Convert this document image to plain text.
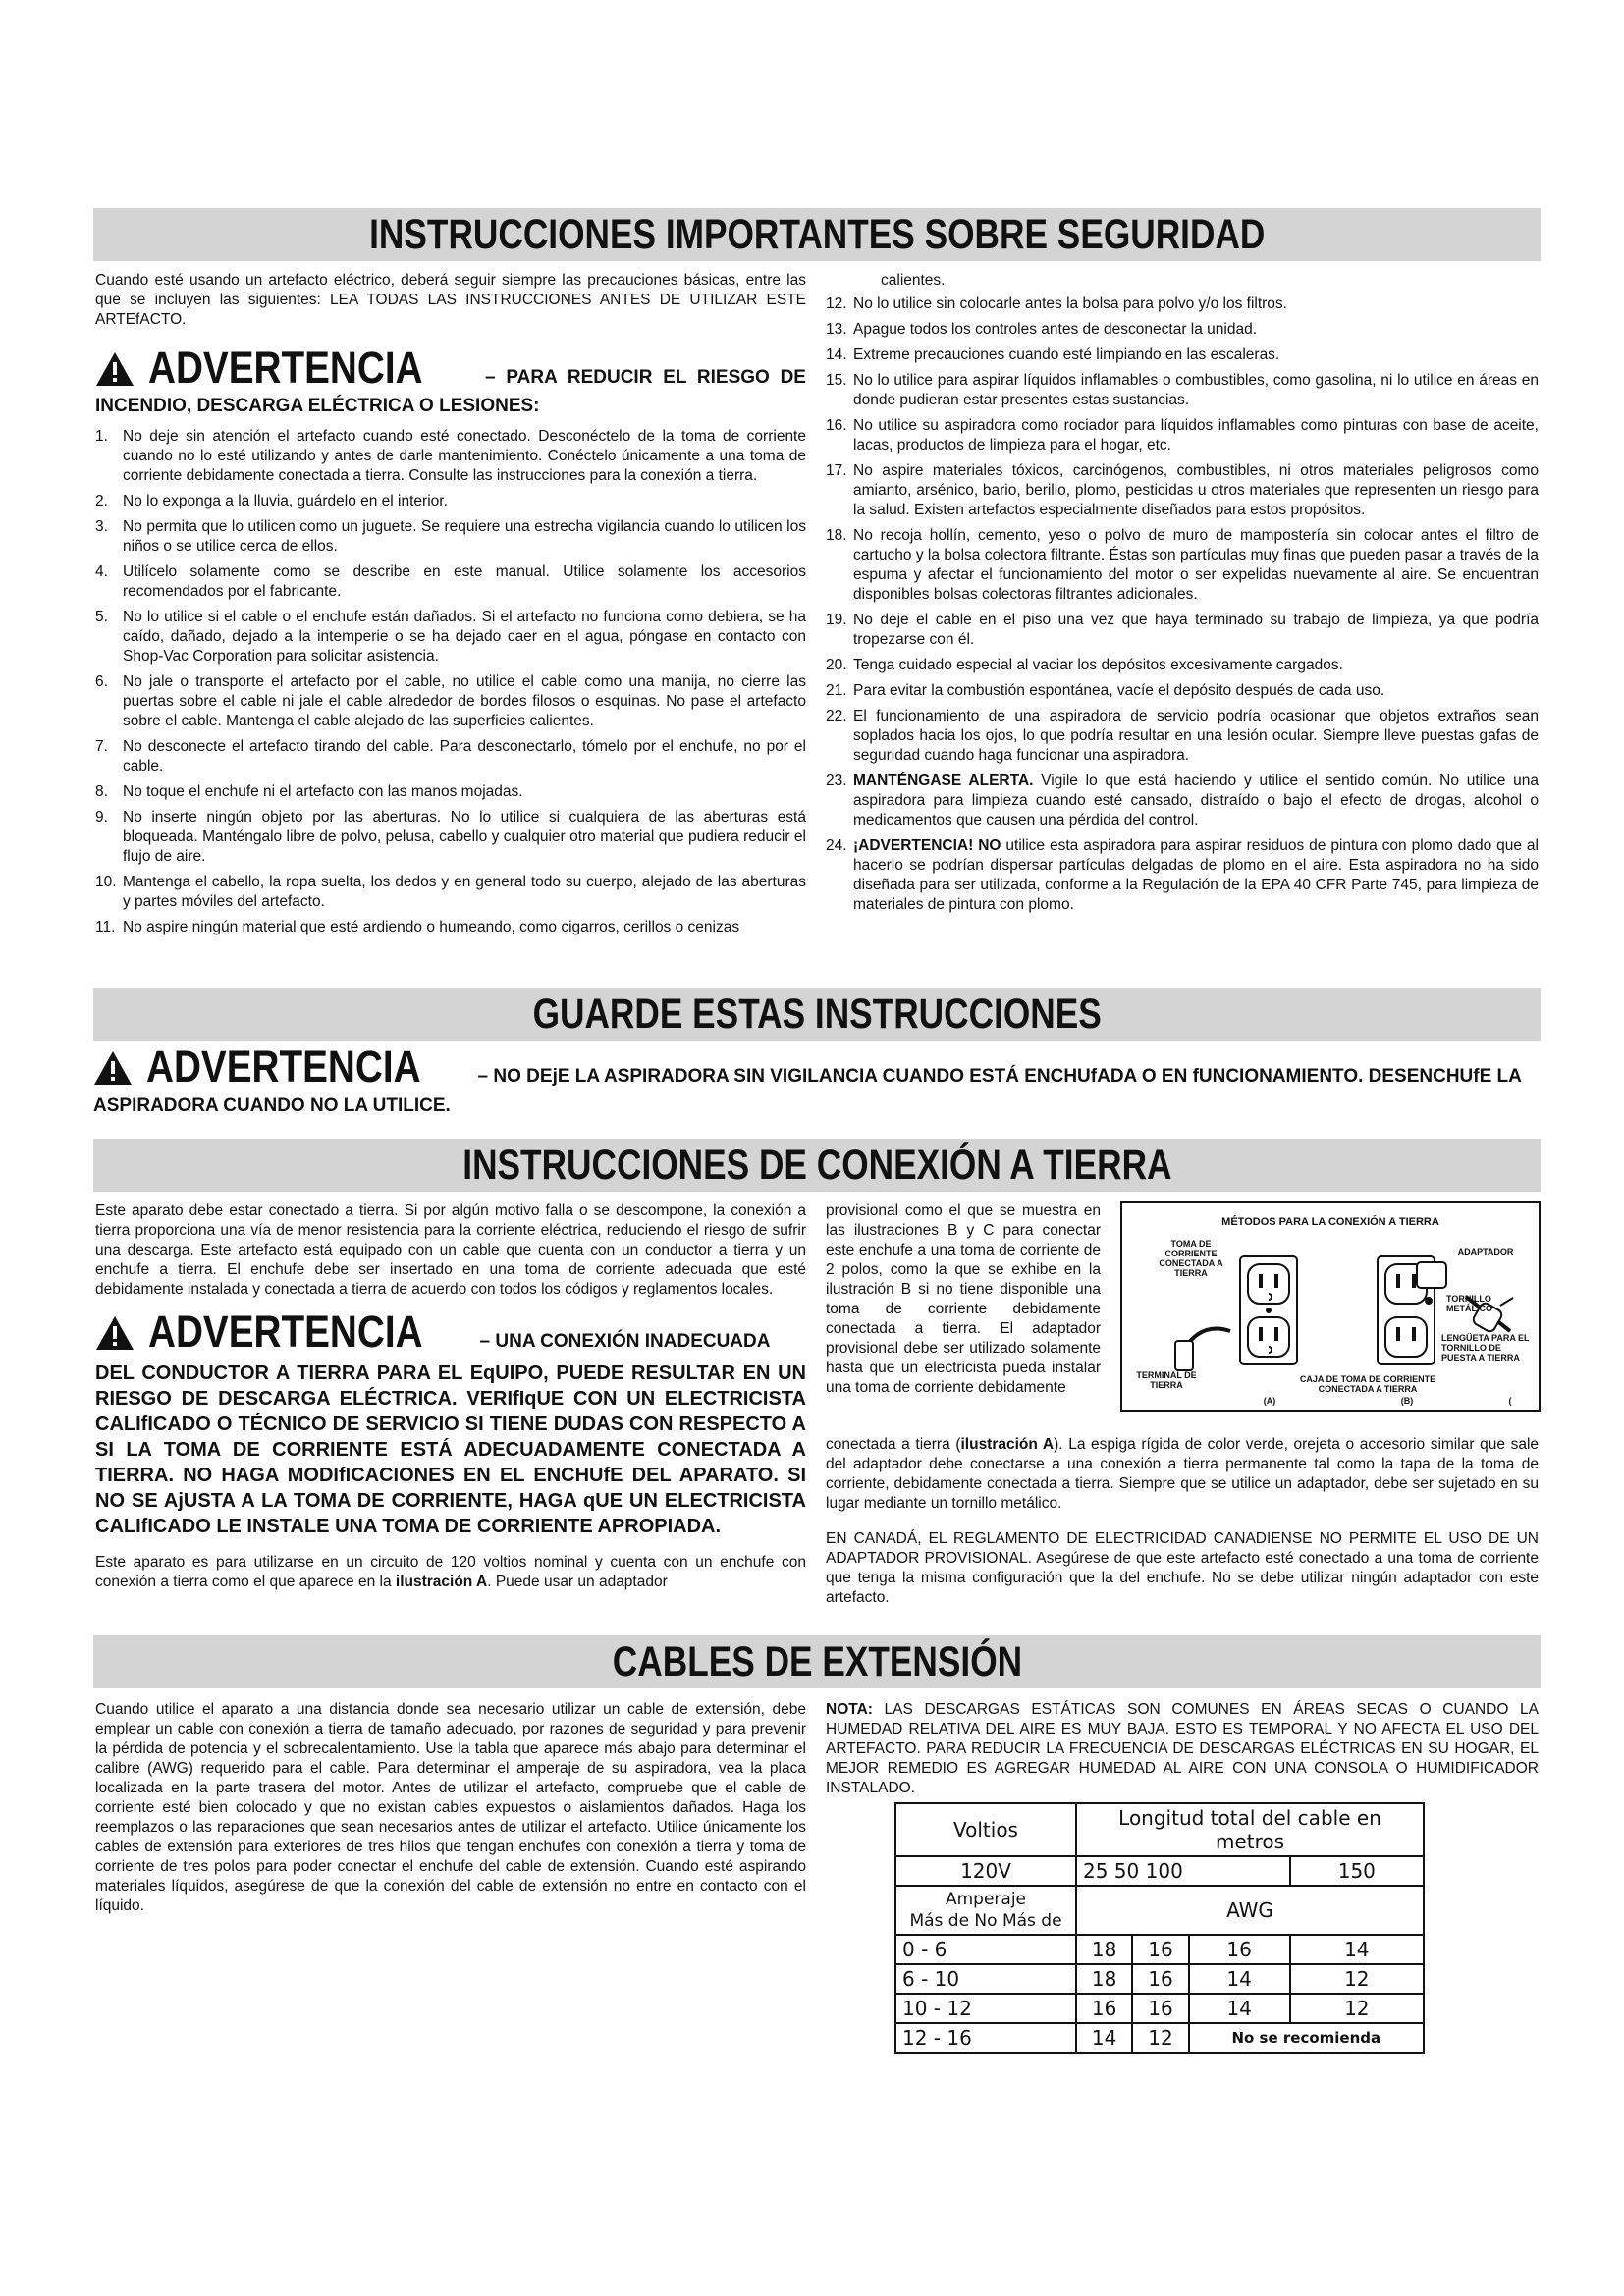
INSTRUCCIONES IMPORTANTES SOBRE SEGURIDAD

Cuando esté usando un artefacto eléctrico, deberá seguir siempre las precauciones básicas, entre las que se incluyen las siguientes: LEA TODAS LAS INSTRUCCIONES ANTES DE UTILIZAR ESTE ARTEfACTO.

ADVERTENCIA	– PARA REDUCIR EL RIESGO DE INCENDIO, DESCARGA ELÉCTRICA O LESIONES:
1. No deje sin atención el artefacto cuando esté conectado. Desconéctelo de la toma de corriente cuando no lo esté utilizando y antes de darle mantenimiento. Conéctelo únicamente a una toma de corriente debidamente conectada a tierra. Consulte las instrucciones para la conexión a tierra.
2. No lo exponga a la lluvia, guárdelo en el interior.
3. No permita que lo utilicen como un juguete. Se requiere una estrecha vigilancia cuando lo utilicen los niños o se utilice cerca de ellos.
4. Utilícelo solamente como se describe en este manual. Utilice solamente los accesorios recomendados por el fabricante.
5. No lo utilice si el cable o el enchufe están dañados. Si el artefacto no funciona como debiera, se ha caído, dañado, dejado a la intemperie o se ha dejado caer en el agua, póngase en contacto con Shop-Vac Corporation para solicitar asistencia.
6. No jale o transporte el artefacto por el cable, no utilice el cable como una manija, no cierre las puertas sobre el cable ni jale el cable alrededor de bordes filosos o esquinas. No pase el artefacto sobre el cable. Mantenga el cable alejado de las superficies calientes.
7. No desconecte el artefacto tirando del cable. Para desconectarlo, tómelo por el enchufe, no por el cable.
8. No toque el enchufe ni el artefacto con las manos mojadas.
9. No inserte ningún objeto por las aberturas. No lo utilice si cualquiera de las aberturas está bloqueada. Manténgalo libre de polvo, pelusa, cabello y cualquier otro material que pudiera reducir el flujo de aire.
10. Mantenga el cabello, la ropa suelta, los dedos y en general todo su cuerpo, alejado de las aberturas y partes móviles del artefacto.
11. No aspire ningún material que esté ardiendo o humeando, como cigarros, cerillos o cenizas

calientes.

12. No lo utilice sin colocarle antes la bolsa para polvo y/o los filtros.
13. Apague todos los controles antes de desconectar la unidad.
14. Extreme precauciones cuando esté limpiando en las escaleras.
15. No lo utilice para aspirar líquidos inflamables o combustibles, como gasolina, ni lo utilice en áreas en donde pudieran estar presentes estas sustancias.
16. No utilice su aspiradora como rociador para líquidos inflamables como pinturas con base de aceite, lacas, productos de limpieza para el hogar, etc.
17. No aspire materiales tóxicos, carcinógenos, combustibles, ni otros materiales peligrosos como amianto, arsénico, bario, berilio, plomo, pesticidas u otros materiales que representen un riesgo para la salud. Existen artefactos especialmente diseñados para estos propósitos.
18. No recoja hollín, cemento, yeso o polvo de muro de mampostería sin colocar antes el filtro de cartucho y la bolsa colectora filtrante. Éstas son partículas muy finas que pueden pasar a través de la espuma y afectar el funcionamiento del motor o ser expelidas nuevamente al aire. Se encuentran disponibles bolsas colectoras filtrantes adicionales.
19. No deje el cable en el piso una vez que haya terminado su trabajo de limpieza, ya que podría tropezarse con él.
20. Tenga cuidado especial al vaciar los depósitos excesivamente cargados.
21. Para evitar la combustión espontánea, vacíe el depósito después de cada uso.
22. El funcionamiento de una aspiradora de servicio podría ocasionar que objetos extraños sean soplados hacia los ojos, lo que podría resultar en una lesión ocular. Siempre lleve puestas gafas de seguridad cuando haga funcionar una aspiradora.
23. MANTÉNGASE ALERTA. Vigile lo que está haciendo y utilice el sentido común. No utilice una aspiradora para limpieza cuando esté cansado, distraído o bajo el efecto de drogas, alcohol o medicamentos que causen una pérdida del control.
24. ¡ADVERTENCIA! NO utilice esta aspiradora para aspirar residuos de pintura con plomo dado que al hacerlo se podrían dispersar partículas delgadas de plomo en el aire. Esta aspiradora no ha sido diseñada para ser utilizada, conforme a la Regulación de la EPA 40 CFR Parte 745, para limpieza de materiales de pintura con plomo.
GUARDE ESTAS INSTRUCCIONES
ADVERTENCIA	– NO DEjE LA ASPIRADORA SIN VIGILANCIA CUANDO ESTÁ ENCHUfADA O EN fUNCIONAMIENTO. DESENCHUfE LA ASPIRADORA CUANDO NO LA UTILICE.
INSTRUCCIONES DE CONEXIÓN A TIERRA

Este aparato debe estar conectado a tierra. Si por algún motivo falla o se descompone, la conexión a tierra proporciona una vía de menor resistencia para la corriente eléctrica, reduciendo el riesgo de sufrir una descarga. Este artefacto está equipado con un cable que cuenta con un conductor a tierra y un enchufe a tierra. El enchufe debe ser insertado en una toma de corriente adecuada que esté debidamente instalada y conectada a tierra de acuerdo con todos los códigos y reglamentos locales.

ADVERTENCIA	– UNA CONEXIÓN INADECUADA

DEL CONDUCTOR A TIERRA PARA EL EqUIPO, PUEDE RESULTAR EN UN RIESGO DE DESCARGA ELÉCTRICA. VERIfIqUE CON UN ELECTRICISTA CALIfICADO O TÉCNICO DE SERVICIO SI TIENE DUDAS CON RESPECTO A SI LA TOMA DE CORRIENTE ESTÁ ADECUADAMENTE CONECTADA A TIERRA. NO HAGA MODIfICACIONES EN EL ENCHUfE DEL APARATO. SI NO SE AjUSTA A LA TOMA DE CORRIENTE, HAGA qUE UN ELECTRICISTA CALIfICADO LE INSTALE UNA TOMA DE CORRIENTE APROPIADA.

Este aparato es para utilizarse en un circuito de 120 voltios nominal y cuenta con un enchufe con conexión a tierra como el que aparece en la ilustración A. Puede usar un adaptador

provisional como el que se muestra en las ilustraciones B y C para conectar este enchufe a una toma de corriente de 2 polos, como la que se exhibe en la ilustración B si no tiene disponible una toma de corriente debidamente conectada a tierra. El adaptador provisional debe ser utilizado solamente hasta que un electricista pueda instalar una toma de corriente debidamente

MÉTODOS PARA LA CONEXIÓN A TIERRA
TOMA DE CORRIENTE CONECTADA A TIERRA
ADAPTADOR
TORNILLO METÁLICO
LENGÜETA PARA EL TORNILLO DE PUESTA A TIERRA
TERMINAL DE TIERRA
CAJA DE TOMA DE CORRIENTE CONECTADA A TIERRA
(A)	(B)	(

conectada a tierra (ilustración A). La espiga rígida de color verde, orejeta o accesorio similar que sale del adaptador debe conectarse a una conexión a tierra permanente tal como la tapa de la toma de corriente, debidamente conectada a tierra. Siempre que se utilice un adaptador, debe ser sujetado en su lugar mediante un tornillo metálico.

EN CANADÁ, EL REGLAMENTO DE ELECTRICIDAD CANADIENSE NO PERMITE EL USO DE UN ADAPTADOR PROVISIONAL. Asegúrese de que este artefacto esté conectado a una toma de corriente que tenga la misma configuración que la del enchufe. No se debe utilizar ningún adaptador con este artefacto.

CABLES DE EXTENSIÓN

Cuando utilice el aparato a una distancia donde sea necesario utilizar un cable de extensión, debe emplear un cable con conexión a tierra de tamaño adecuado, por razones de seguridad y para prevenir la pérdida de potencia y el sobrecalentamiento. Use la tabla que aparece más abajo para determinar el calibre (AWG) requerido para el cable. Para determinar el amperaje de su aspiradora, vea la placa localizada en la parte trasera del motor. Antes de utilizar el artefacto, compruebe que el cable de corriente esté bien colocado y que no existan cables expuestos o aislamientos dañados. Haga los reemplazos o las reparaciones que sean necesarios antes de utilizar el artefacto. Utilice únicamente los cables de extensión para exteriores de tres hilos que tengan enchufes con conexión a tierra y toma de corriente de tres polos para poder conectar el enchufe del cable de extensión. Cuando esté aspirando materiales líquidos, asegúrese de que la conexión del cable de extensión no entre en contacto con el líquido.

NOTA: LAS DESCARGAS ESTÁTICAS SON COMUNES EN ÁREAS SECAS O CUANDO LA HUMEDAD RELATIVA DEL AIRE ES MUY BAJA. ESTO ES TEMPORAL Y NO AFECTA EL USO DEL ARTEFACTO. PARA REDUCIR LA FRECUENCIA DE DESCARGAS ELÉCTRICAS EN SU HOGAR, EL MEJOR REMEDIO ES AGREGAR HUMEDAD AL AIRE CON UNA CONSOLA O HUMIDIFICADOR INSTALADO.

Voltios	Longitud total del cable en metros			
120V	25 50 100			150
Amperaje
Más de No Más de	AWG			
0 - 6	18	16	16	14
6 - 10	18	16	14	12
10 - 12	16	16	14	12
12 - 16	14	12	No se recomienda	
